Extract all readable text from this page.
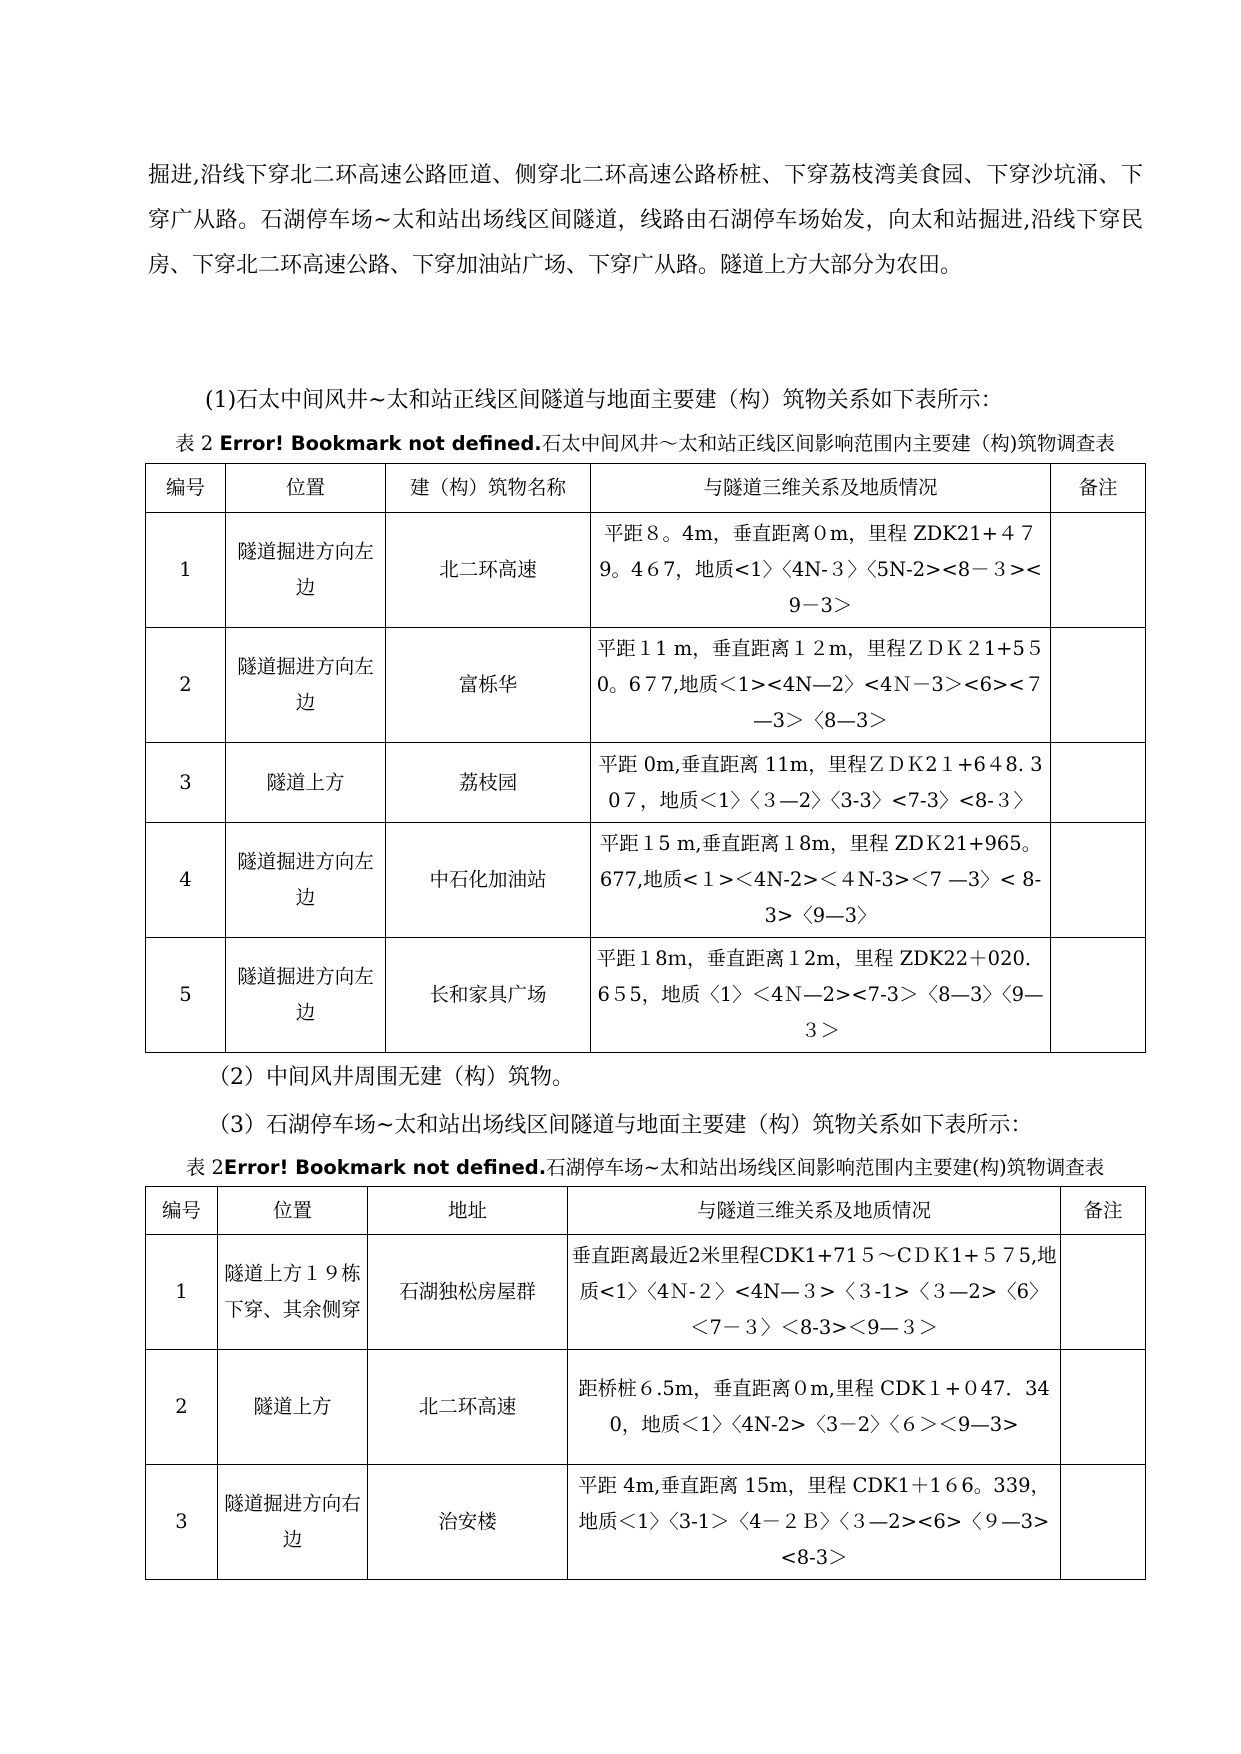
掘进,沿线下穿北二环高速公路匝道、侧穿北二环高速公路桥桩、下穿荔枝湾美食园、下穿沙坑涌、下穿广从路。石湖停车场~太和站出场线区间隧道，线路由石湖停车场始发，向太和站掘进,沿线下穿民房、下穿北二环高速公路、下穿加油站广场、下穿广从路。隧道上方大部分为农田。

(1)石太中间风井~太和站正线区间隧道与地面主要建（构）筑物关系如下表所示：

表 2 Error! Bookmark not defined.石太中间风井～太和站正线区间影响范围内主要建（构)筑物调查表

编号	位置	建（构）筑物名称	与隧道三维关系及地质情况	备注
1	隧道掘进方向左边	北二环高速	平距８。4m，垂直距离０m，里程 ZDK21+４７9。4６7，地质<1〉〈4N-３〉〈5N-2><8－３><9－3＞	
2	隧道掘进方向左边	富栎华	平距１1 m，垂直距离１２m，里程ＺＤＫ２1+5５0。6７7,地质＜1><4N—2〉<4Ｎ－3＞<6><７—3＞〈8—3＞	
3	隧道上方	荔枝园	平距 0m,垂直距离 11m，里程ＺＤＫ2１+6４8. 30７，地质＜1〉〈３—2〉〈3-3〉<7-3〉<8-３〉	
4	隧道掘进方向左边	中石化加油站	平距１5 m,垂直距离１8m，里程 ZDＫ21+965。677,地质<１>＜4N-2>＜４N-3>＜7 —3〉< 8-3>〈9—3〉	
5	隧道掘进方向左边	长和家具广场	平距１8ｍ，垂直距离１2m，里程 ZDK22＋020．6５5，地质〈1〉＜4Ｎ—2><7-3＞〈8—3〉〈9—３＞	

（2）中间风井周围无建（构）筑物。

（3）石湖停车场~太和站出场线区间隧道与地面主要建（构）筑物关系如下表所示：

表 2Error! Bookmark not defined.石湖停车场~太和站出场线区间影响范围内主要建(构)筑物调查表

编号	位置	地址	与隧道三维关系及地质情况	备注
1	隧道上方１９栋下穿、其余侧穿	石湖独松房屋群	垂直距离最近2米里程CDK1+71５～CＤＫ1+５７5,地质<1〉〈4Ｎ-２〉<4N—３>〈３-1>〈３—2>〈6〉＜7－３〉＜8-3>＜9—３＞	
2	隧道上方	北二环高速	距桥桩６.5m，垂直距离０m,里程 CDK１+０47．340，地质＜1〉〈4N-2>〈3－2〉〈６＞＜9—3>	
3	隧道掘进方向右边	治安楼	平距 4m,垂直距离 15m，里程 CDK1＋1６6。339，地质＜1〉〈3-1＞〈4－２Ｂ〉〈３—2><6>〈９—3><8-3＞	
